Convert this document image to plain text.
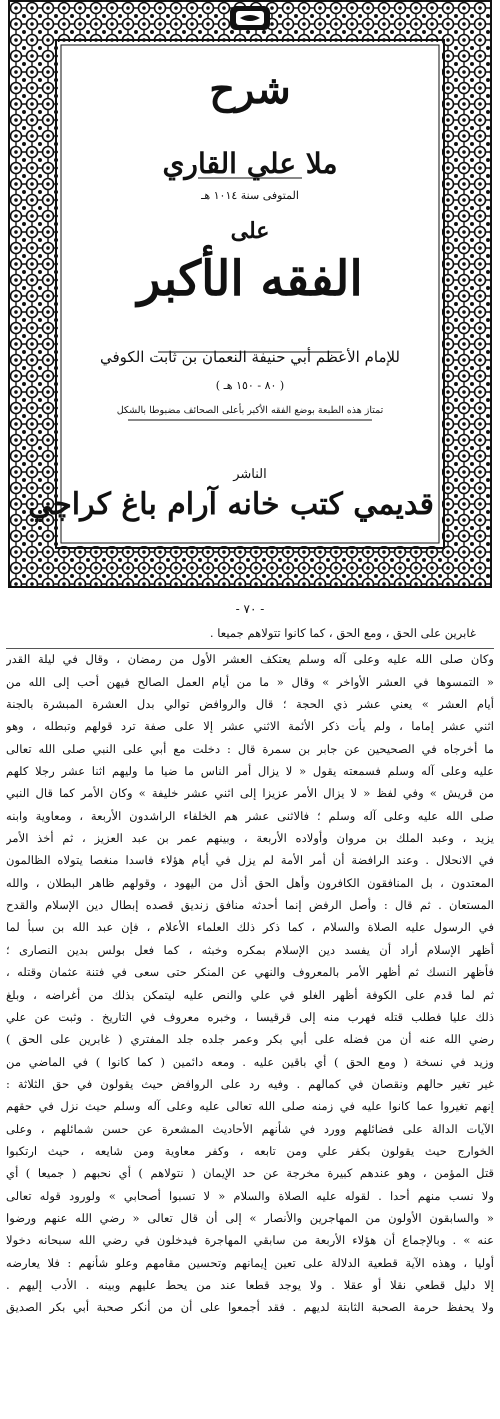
شرح
ملا علي القاري
المتوفى سنة ١٠١٤ هـ
على
الفقه الأكبر
للإمام الأعظم أبي حنيفة النعمان بن ثابت الكوفي
( ٨٠ - ١٥٠ هـ )
تمتاز هذه الطبعة بوضع الفقه الأكبر بأعلى الصحائف مضبوطا بالشكل
الناشر
قديمي كتب خانه آرام باغ كراچي
- ٧٠ -
غابرين على الحق ، ومع الحق ، كما كانوا تتولاهم جميعا .
وكان صلى الله عليه وعلى آله وسلم يعتكف العشر الأول من رمضان ، وقال في ليلة القدر
« التمسوها في العشر الأواخر » وقال « ما من أيام العمل الصالح فيهن أحب إلى الله من
أيام العشر » يعني عشر ذي الحجة ؛ قال والروافض توالي بدل العشرة المبشرة بالجنة
اثني عشر إماما ، ولم يأت ذكر الأئمة الاثني عشر إلا على صفة ترد قولهم وتبطله ، وهو
ما أخرجاه في الصحيحين عن جابر بن سمرة قال : دخلت مع أبي على النبي صلى الله تعالى
عليه وعلى آله وسلم فسمعته يقول « لا يزال أمر الناس ما ضيا ما وليهم اثنا عشر رجلا كلهم
من قريش » وفي لفظ « لا يزال الأمر عزيزا إلى اثني عشر خليفة » وكان الأمر كما قال النبي
صلى الله عليه وعلى آله وسلم ؛ فالاثنى عشر هم الخلفاء الراشدون الأربعة ، ومعاوية وابنه
يزيد ، وعبد الملك بن مروان وأولاده الأربعة ، وبينهم عمر بن عبد العزيز ، ثم أخذ الأمر
في الانحلال . وعند الرافضة أن أمر الأمة لم يزل في أيام هؤلاء فاسدا منغصا يتولاه الظالمون
المعتدون ، بل المنافقون الكافرون وأهل الحق أذل من اليهود ، وقولهم ظاهر البطلان ، والله
المستعان . ثم قال : وأصل الرفض إنما أحدثه منافق زنديق قصده إبطال دين الإسلام والقدح
في الرسول عليه الصلاة والسلام ، كما ذكر ذلك العلماء الأعلام ، فإن عبد الله بن سبأ لما
أظهر الإسلام أراد أن يفسد دين الإسلام بمكره وخبثه ، كما فعل بولس بدين النصارى ؛
فأظهر النسك ثم أظهر الأمر بالمعروف والنهي عن المنكر حتى سعى في فتنة عثمان وقتله ،
ثم لما قدم على الكوفة أظهر الغلو في علي والنص عليه ليتمكن بذلك من أغراضه ، وبلغ
ذلك عليا فطلب قتله فهرب منه إلى قرقيسا ، وخبره معروف في التاريخ . وثبت عن علي
رضي الله عنه أن من فضله على أبي بكر وعمر جلده جلد المفتري ( غابرين على الحق )
وزيد في نسخة ( ومع الحق ) أي باقين عليه . ومعه دائمين ( كما كانوا ) في الماضي من
غير تغير حالهم ونقصان في كمالهم . وفيه رد على الروافض حيث يقولون في حق الثلاثة :
إنهم تغيروا عما كانوا عليه في زمنه صلى الله تعالى عليه وعلى آله وسلم حيث نزل في حقهم
الآيات الدالة على فضائلهم وورد في شأنهم الأحاديث المشعرة عن حسن شمائلهم ، وعلى
الخوارج حيث يقولون بكفر علي ومن تابعه ، وكفر معاوية ومن شايعه ، حيث ارتكبوا
قتل المؤمن ، وهو عندهم كبيرة مخرجة عن حد الإيمان ( نتولاهم ) أي نحبهم ( جميعا ) أي
ولا نسب منهم أحدا . لقوله عليه الصلاة والسلام « لا تسبوا أصحابي » ولورود قوله تعالى
« والسابقون الأولون من المهاجرين والأنصار » إلى أن قال تعالى « رضي الله عنهم ورضوا
عنه » . وبالإجماع أن هؤلاء الأربعة من سابقي المهاجرة فيدخلون في رضي الله سبحانه دخولا
أوليا ، وهذه الآية قطعية الدلالة على تعين إيمانهم وتحسين مقامهم وعلو شأنهم : فلا يعارضه
إلا دليل قطعي نقلا أو عقلا . ولا يوجد قطعا عند من يحط عليهم وبينه . الأدب إليهم .
ولا يحفظ حرمة الصحبة الثابتة لديهم . فقد أجمعوا على أن من أنكر صحبة أبي بكر الصديق
